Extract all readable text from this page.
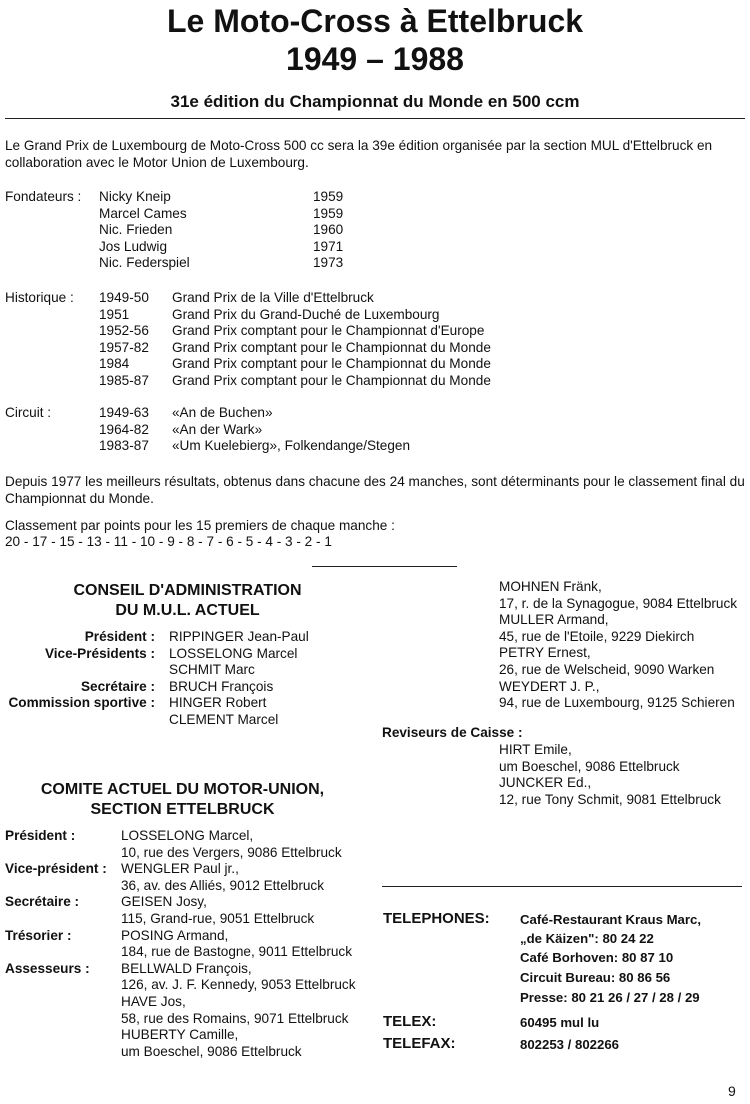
Le Moto-Cross à Ettelbruck
1949 – 1988
31e édition du Championnat du Monde en 500 ccm
Le Grand Prix de Luxembourg de Moto-Cross 500 cc sera la 39e édition organisée par la section MUL d'Ettelbruck en collaboration avec le Motor Union de Luxembourg.
Fondateurs : Nicky Kneip	1959
Marcel Cames	1959
Nic. Frieden	1960
Jos Ludwig	1971
Nic. Federspiel	1973
Historique : 1949-50 Grand Prix de la Ville d'Ettelbruck
1951	Grand Prix du Grand-Duché de Luxembourg
1952-56 Grand Prix comptant pour le Championnat d'Europe
1957-82 Grand Prix comptant pour le Championnat du Monde
1984	Grand Prix comptant pour le Championnat du Monde
1985-87 Grand Prix comptant pour le Championnat du Monde
Circuit :	1949-63 «An de Buchen»
1964-82 «An der Wark»
1983-87 «Um Kuelebierg», Folkendange/Stegen
Depuis 1977 les meilleurs résultats, obtenus dans chacune des 24 manches, sont déterminants pour le classement final du Championnat du Monde.
Classement par points pour les 15 premiers de chaque manche :
20 - 17 - 15 - 13 - 11 - 10 - 9 - 8 - 7 - 6 - 5 - 4 - 3 - 2 - 1
CONSEIL D'ADMINISTRATION
DU M.U.L. ACTUEL
Président : RIPPINGER Jean-Paul
Vice-Présidents : LOSSELONG Marcel
SCHMIT Marc
Secrétaire : BRUCH François
Commission sportive : HINGER Robert
CLEMENT Marcel
MOHNEN Fränk,
17, r. de la Synagogue, 9084 Ettelbruck
MULLER Armand,
45, rue de l'Etoile, 9229 Diekirch
PETRY Ernest,
26, rue de Welscheid, 9090 Warken
WEYDERT J. P.,
94, rue de Luxembourg, 9125 Schieren
Reviseurs de Caisse :
HIRT Emile,
um Boeschel, 9086 Ettelbruck
JUNCKER Ed.,
12, rue Tony Schmit, 9081 Ettelbruck
COMITE ACTUEL DU MOTOR-UNION,
SECTION ETTELBRUCK
Président :	LOSSELONG Marcel,
10, rue des Vergers, 9086 Ettelbruck
Vice-président : WENGLER Paul jr.,
36, av. des Alliés, 9012 Ettelbruck
Secrétaire :	GEISEN Josy,
115, Grand-rue, 9051 Ettelbruck
Trésorier :	POSING Armand,
184, rue de Bastogne, 9011 Ettelbruck
Assesseurs : BELLWALD François,
126, av. J. F. Kennedy, 9053 Ettelbruck
HAVE Jos,
58, rue des Romains, 9071 Ettelbruck
HUBERTY Camille,
um Boeschel, 9086 Ettelbruck
TELEPHONES: Café-Restaurant Kraus Marc,
„de Käizen": 80 24 22
Café Borhoven: 80 87 10
Circuit Bureau: 80 86 56
Presse: 80 21 26 / 27 / 28 / 29
TELEX:	60495 mul lu
TELEFAX:	802253 / 802266
9
